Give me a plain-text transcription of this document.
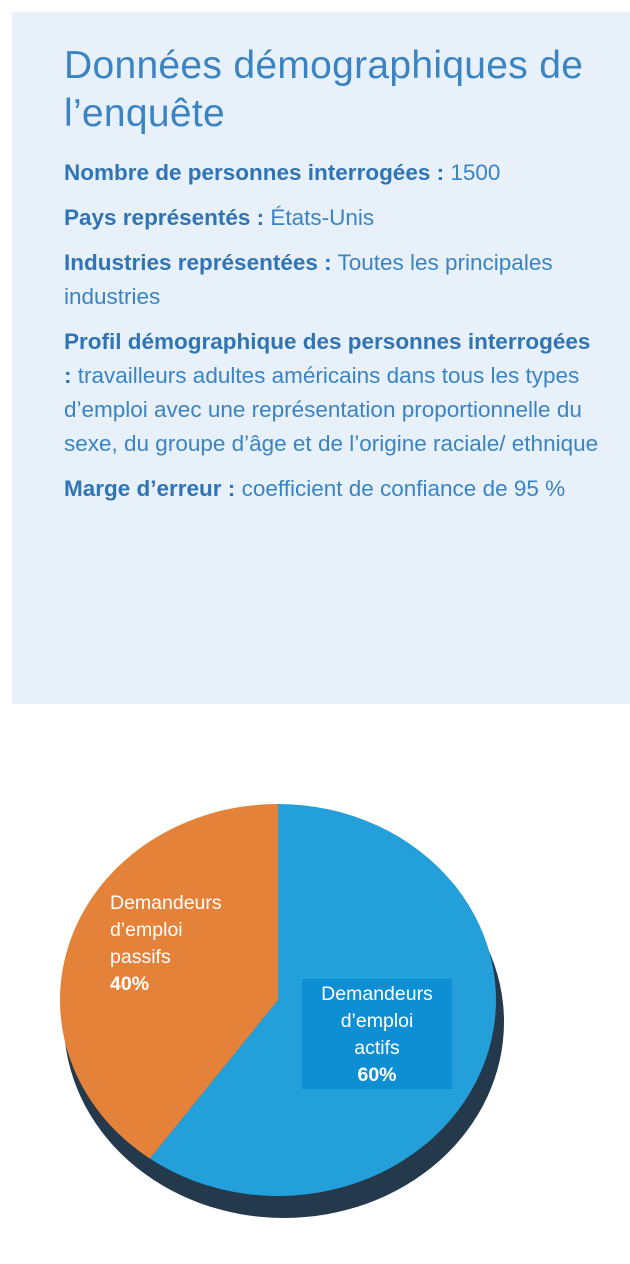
Données démographiques de l’enquête
Nombre de personnes interrogées : 1500
Pays représentés : États-Unis
Industries représentées : Toutes les principales industries
Profil démographique des personnes interrogées : travailleurs adultes américains dans tous les types d’emploi avec une représentation proportionnelle du sexe, du groupe d’âge et de l’origine raciale/ ethnique
Marge d’erreur : coefficient de confiance de 95 %
Demandeurs
d’emploi
passifs
40%	Demandeurs
d’emploi
actifs
60%
